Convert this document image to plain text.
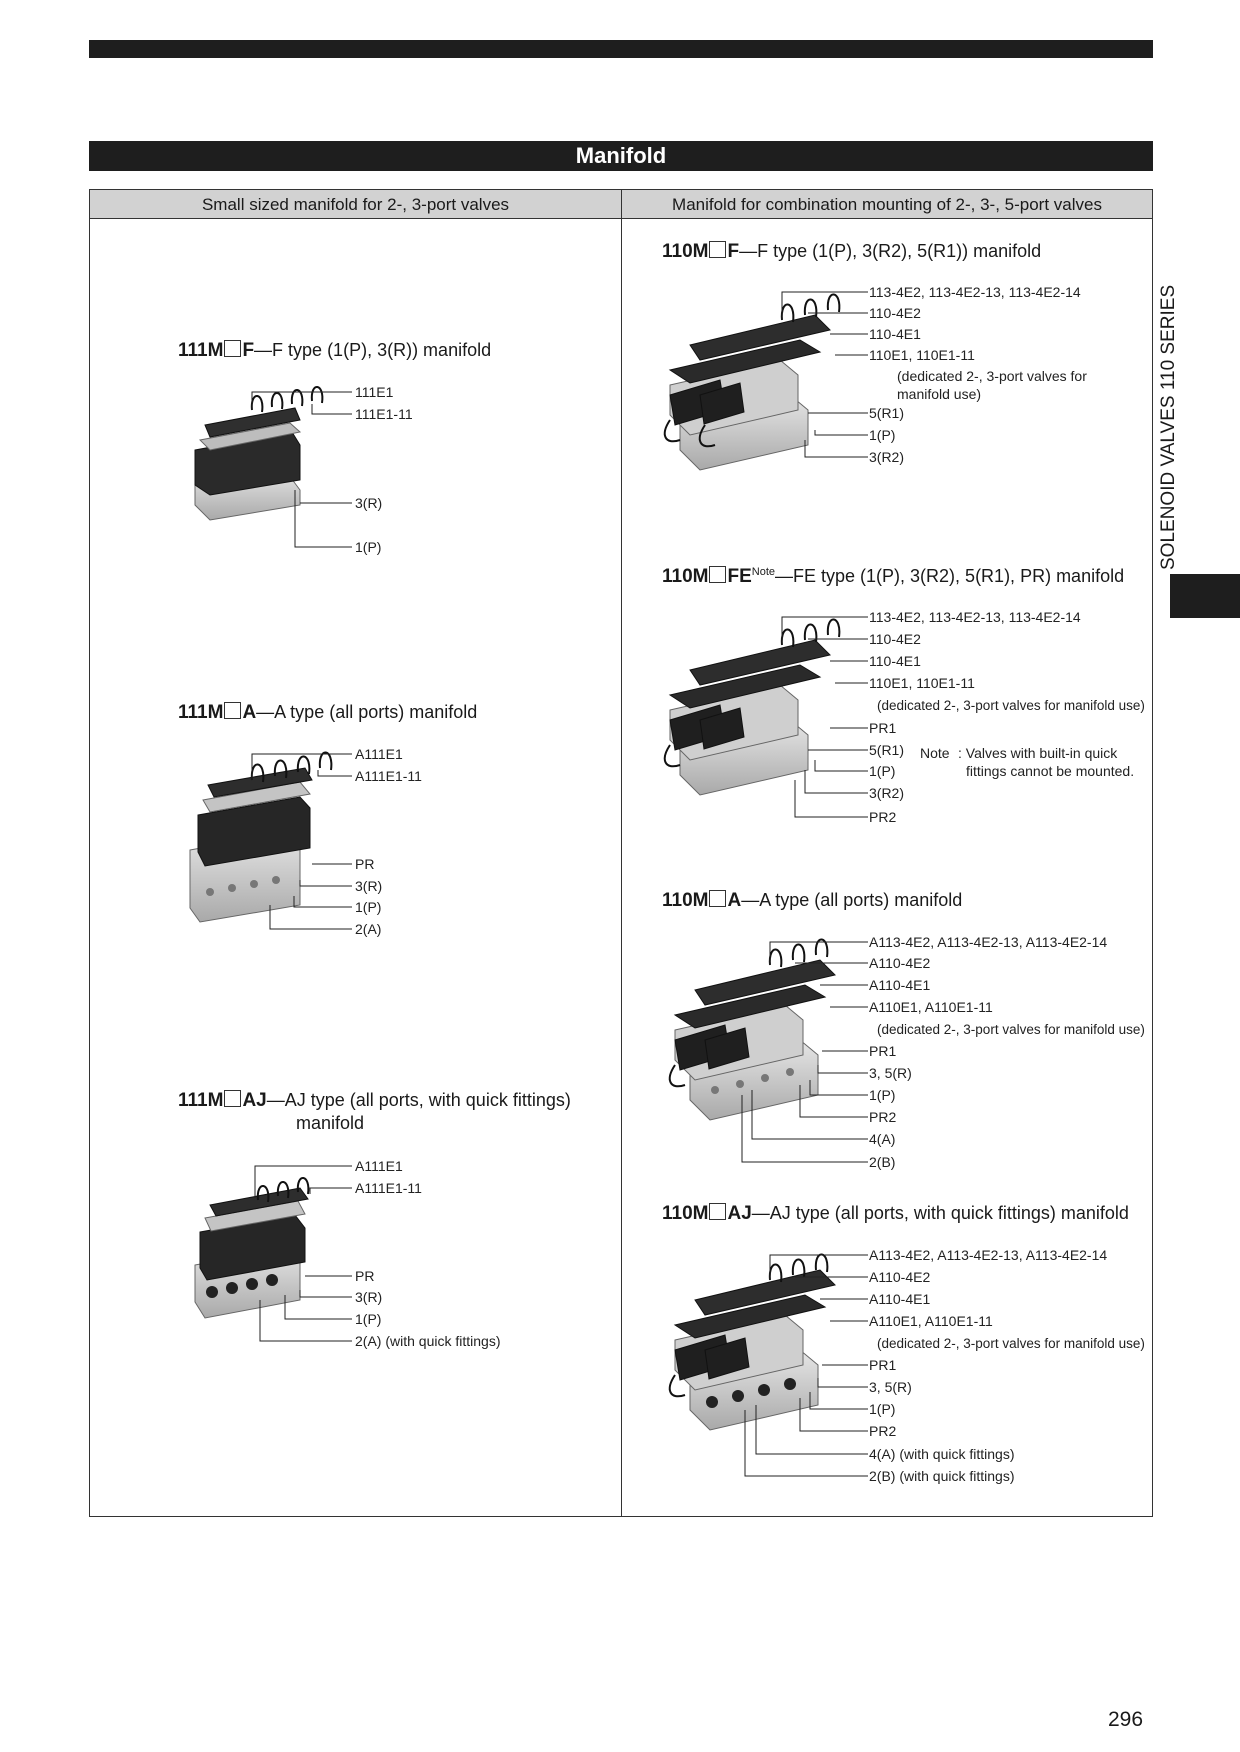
Manifold
Small sized manifold for 2-, 3-port valves	Manifold for combination mounting of 2-, 3-, 5-port valves
111M F—F type (1(P), 3(R)) manifold
111E1
111E1-11
3(R)
1(P)
111M A—A type (all ports) manifold
A111E1
A111E1-11
PR
3(R)
1(P)
2(A)
111M AJ—AJ type (all ports, with quick fittings)
manifold
A111E1
A111E1-11
PR
3(R)
1(P)
2(A) (with quick fittings)
110M F—F type (1(P), 3(R2), 5(R1)) manifold
113-4E2, 113-4E2-13, 113-4E2-14
110-4E2
110-4E1
110E1, 110E1-11
(dedicated 2-, 3-port valves for
manifold use)
5(R1)
1(P)
3(R2)
110M $FE^{Note}—FE$ type (1(P), 3(R2), 5(R1), PR) manifold
113-4E2, 113-4E2-13, 113-4E2-14
110-4E2
110-4E1
110E1, 110E1-11
(dedicated 2-, 3-port valves for manifold use)
PR1
5(R1)
1(P)
3(R2)
PR2
Note : Valves with built-in quick
fittings cannot be mounted.
110M A—A type (all ports) manifold
A113-4E2, A113-4E2-13, A113-4E2-14
A110-4E2
A110-4E1
A110E1, A110E1-11
(dedicated 2-, 3-port valves for manifold use)
PR1
3, 5(R)
1(P)
PR2
4(A)
2(B)
110M AJ—AJ type (all ports, with quick fittings) manifold
A113-4E2, A113-4E2-13, A113-4E2-14
A110-4E2
A110-4E1
A110E1, A110E1-11
(dedicated 2-, 3-port valves for manifold use)
PR1
3, 5(R)
1(P)
PR2
4(A) (with quick fittings)
2(B) (with quick fittings)
SOLENOID VALVES 110 SERIES
296
